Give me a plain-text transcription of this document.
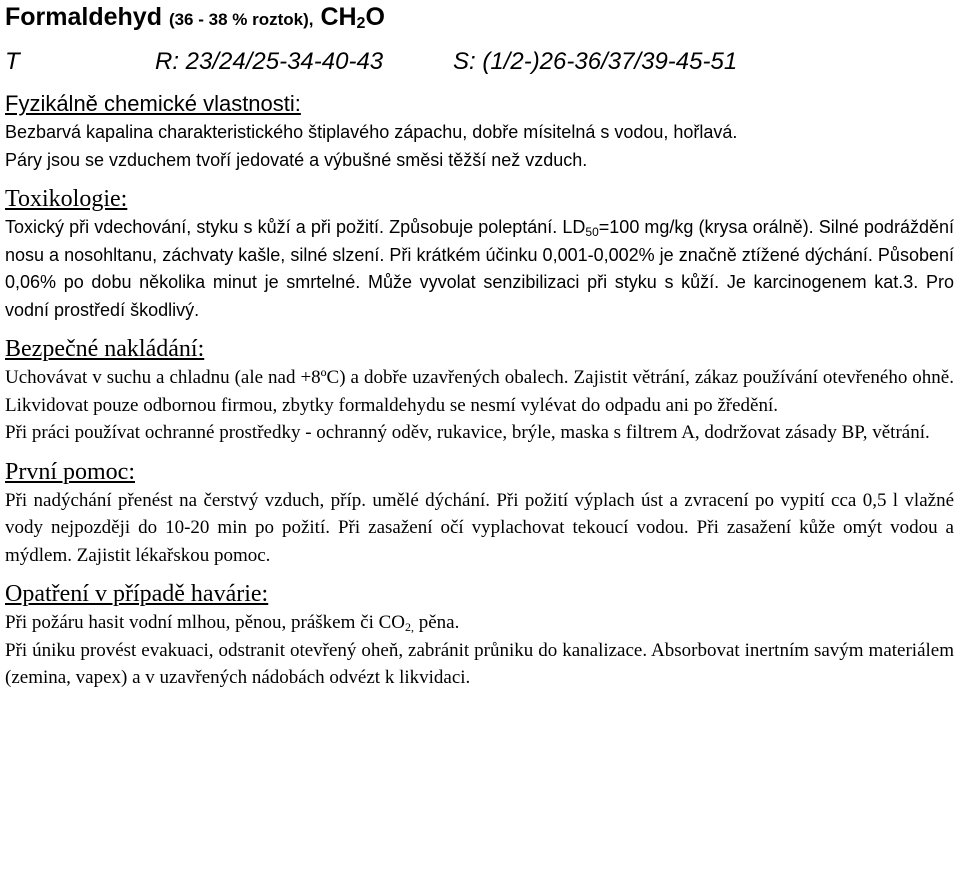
Formaldehyd (36 - 38 % roztok), $CH_2O$
T	R: 23/24/25-34-40-43	S: (1/2-)26-36/37/39-45-51
Fyzikálně chemické vlastnosti:

Bezbarvá kapalina charakteristického štiplavého zápachu, dobře mísitelná s vodou, hořlavá.

Páry jsou se vzduchem tvoří jedovaté a výbušné směsi těžší než vzduch.

Toxikologie:

Toxický při vdechování, styku s kůží a při požití. Způsobuje poleptání. $LD_{50}=100$ mg/kg (krysa orálně). Silné podráždění nosu a nosohltanu, záchvaty kašle, silné slzení. Při krátkém účinku 0,001-0,002% je značně ztížené dýchání. Působení 0,06% po dobu několika minut je smrtelné. Může vyvolat senzibilizaci při styku s kůží. Je karcinogenem kat.3. Pro vodní prostředí škodlivý.

Bezpečné nakládání:

Uchovávat v suchu a chladnu (ale nad +8ºC) a dobře uzavřených obalech. Zajistit větrání, zákaz používání otevřeného ohně. Likvidovat pouze odbornou firmou, zbytky formaldehydu se nesmí vylévat do odpadu ani po žředění.

Při práci používat ochranné prostředky - ochranný oděv, rukavice, brýle, maska s filtrem A, dodržovat zásady BP, větrání.

První pomoc:

Při nadýchání přenést na čerstvý vzduch, příp. umělé dýchání. Při požití výplach úst a zvracení po vypití cca 0,5 l vlažné vody nejpozději do 10-20 min po požití. Při zasažení očí vyplachovat tekoucí vodou. Při zasažení kůže omýt vodou a mýdlem. Zajistit lékařskou pomoc.

Opatření v případě havárie:

Při požáru hasit vodní mlhou, pěnou, práškem či $CO_{2,}$ pěna.

Při úniku provést evakuaci, odstranit otevřený oheň, zabránit průniku do kanalizace. Absorbovat inertním savým materiálem (zemina, vapex) a v uzavřených nádobách odvézt k likvidaci.
